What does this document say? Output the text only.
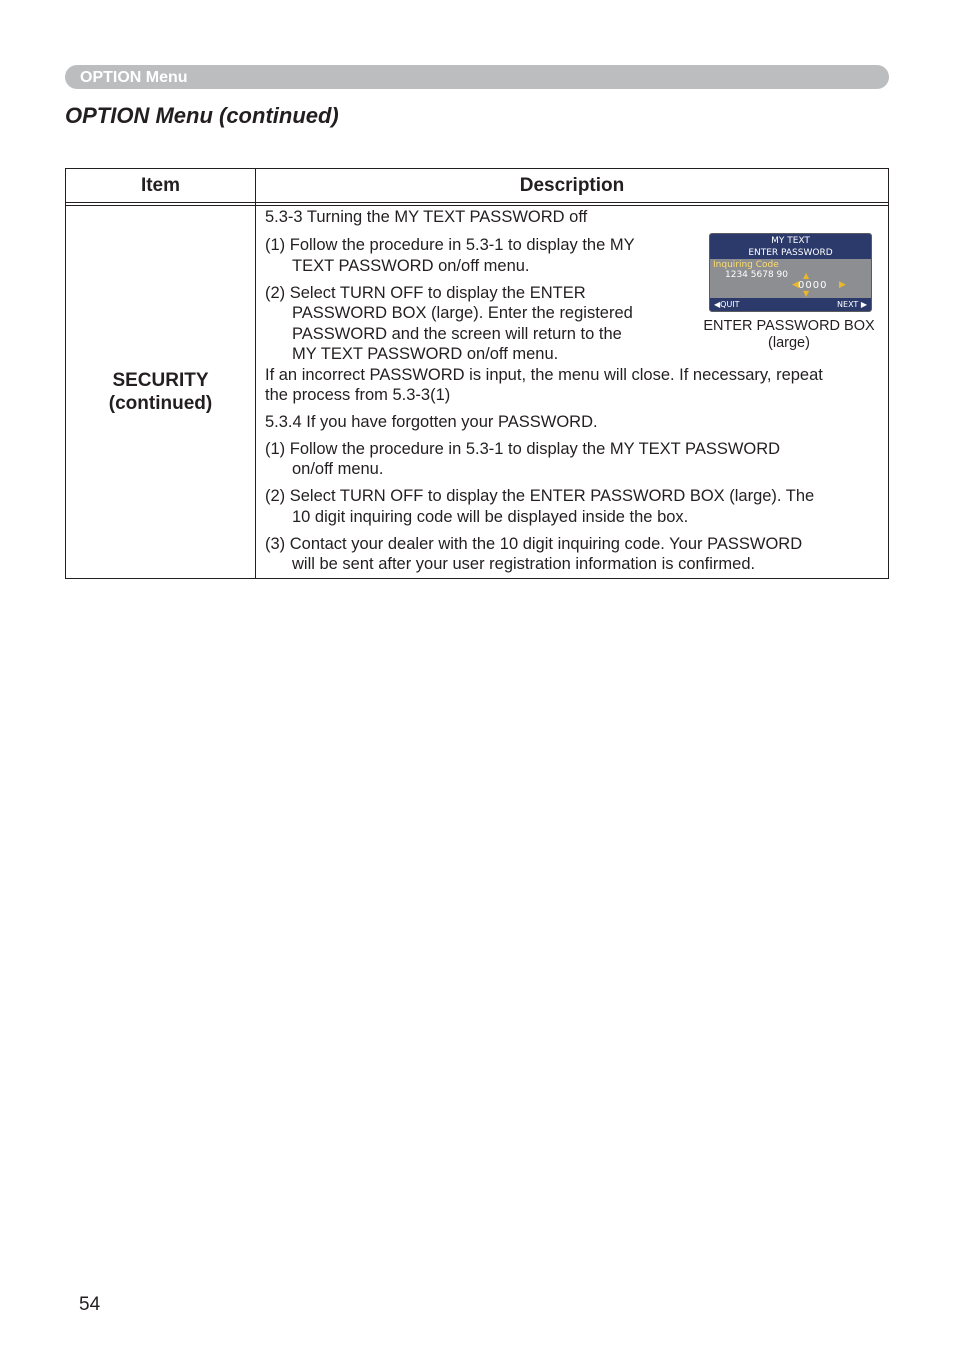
OPTION Menu
OPTION Menu (continued)
Item	Description
SECURITY
(continued)
5.3-3 Turning the MY TEXT PASSWORD off
(1) Follow the procedure in 5.3-1 to display the MY
TEXT PASSWORD on/off menu.
(2) Select TURN OFF to display the ENTER
PASSWORD BOX (large). Enter the registered
PASSWORD and the screen will return to the
MY TEXT PASSWORD on/off menu.
If an incorrect PASSWORD is input, the menu will close. If necessary, repeat
the process from 5.3-3(1)
5.3.4 If you have forgotten your PASSWORD.
(1) Follow the procedure in 5.3-1 to display the MY TEXT PASSWORD
on/off menu.
(2) Select TURN OFF to display the ENTER PASSWORD BOX (large). The
10 digit inquiring code will be displayed inside the box.
(3) Contact your dealer with the 10 digit inquiring code. Your PASSWORD
will be sent after your user registration information is confirmed.
MY TEXT
ENTER PASSWORD
Inquiring Code
1234 5678 90 ▲
◀ 0000 ▶
▼
◀QUIT	NEXT ▶
ENTER PASSWORD BOX
(large)
54
